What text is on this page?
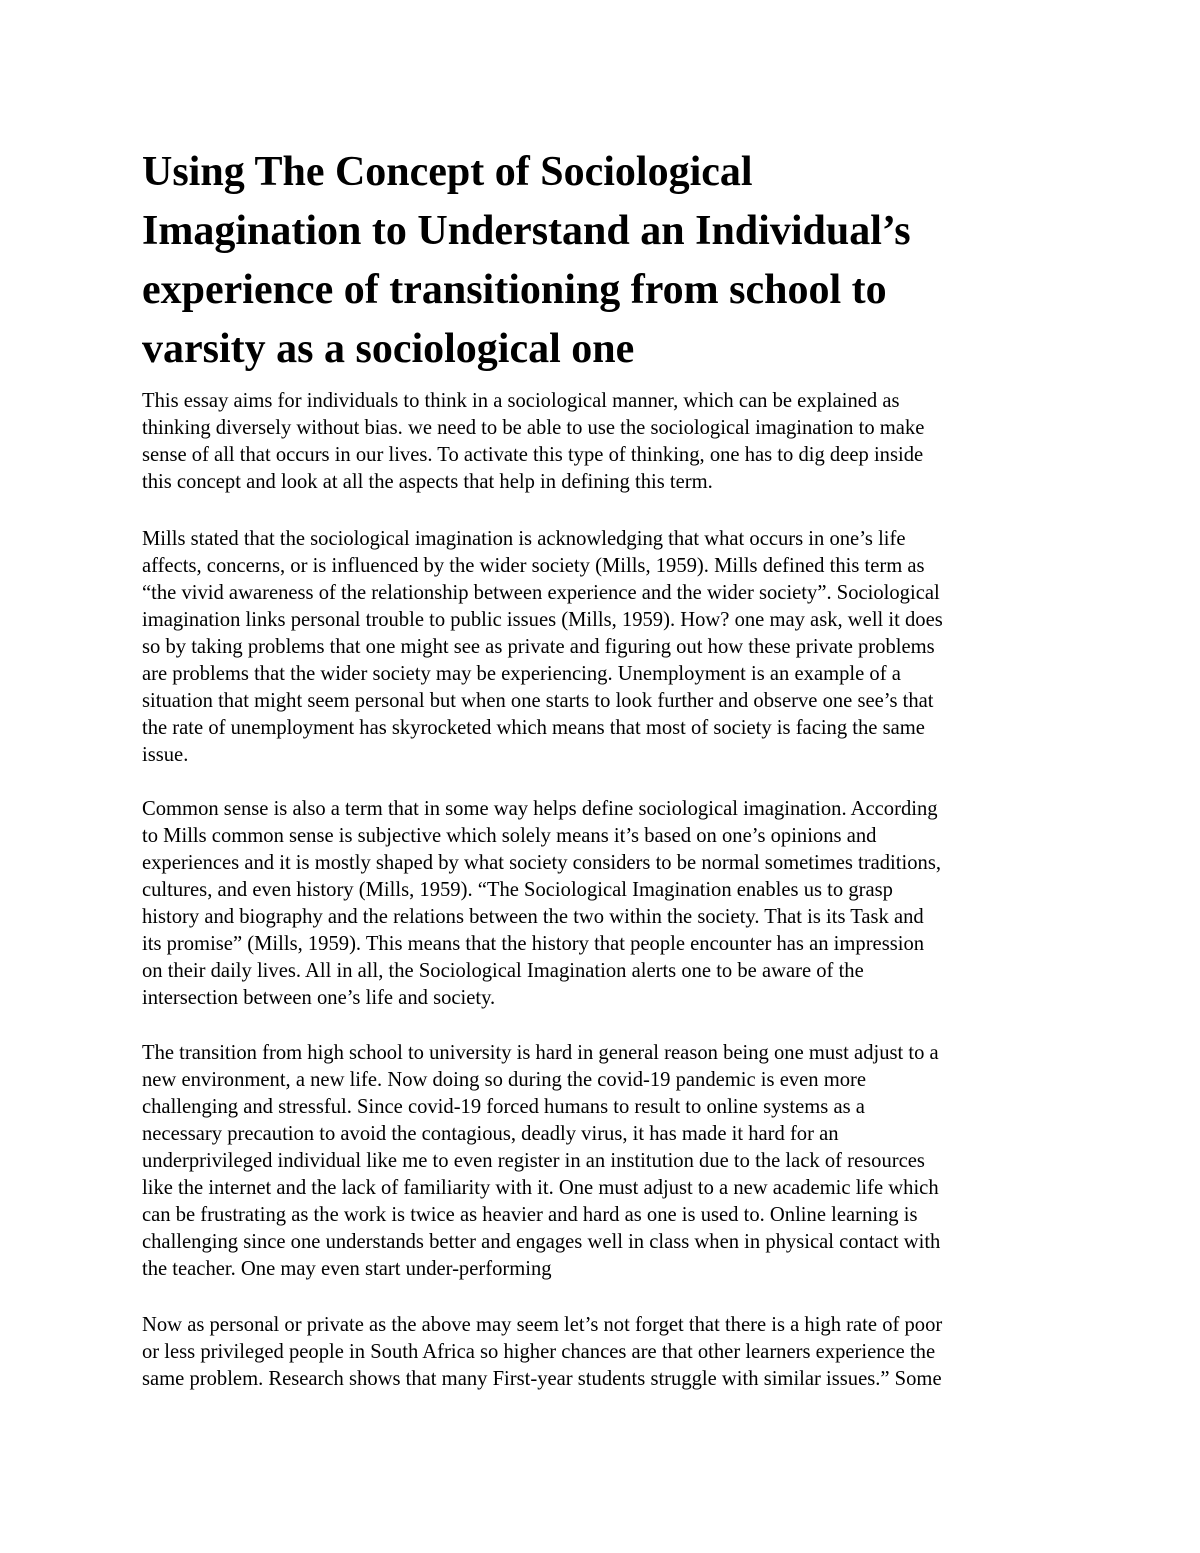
Using The Concept of Sociological
Imagination to Understand an Individual’s
experience of transitioning from school to
varsity as a sociological one

This essay aims for individuals to think in a sociological manner, which can be explained as
thinking diversely without bias. we need to be able to use the sociological imagination to make
sense of all that occurs in our lives. To activate this type of thinking, one has to dig deep inside
this concept and look at all the aspects that help in defining this term.

Mills stated that the sociological imagination is acknowledging that what occurs in one’s life
affects, concerns, or is influenced by the wider society (Mills, 1959). Mills defined this term as
“the vivid awareness of the relationship between experience and the wider society”. Sociological
imagination links personal trouble to public issues (Mills, 1959). How? one may ask, well it does
so by taking problems that one might see as private and figuring out how these private problems
are problems that the wider society may be experiencing. Unemployment is an example of a
situation that might seem personal but when one starts to look further and observe one see’s that
the rate of unemployment has skyrocketed which means that most of society is facing the same
issue.

Common sense is also a term that in some way helps define sociological imagination. According
to Mills common sense is subjective which solely means it’s based on one’s opinions and
experiences and it is mostly shaped by what society considers to be normal sometimes traditions,
cultures, and even history (Mills, 1959). “The Sociological Imagination enables us to grasp
history and biography and the relations between the two within the society. That is its Task and
its promise” (Mills, 1959). This means that the history that people encounter has an impression
on their daily lives. All in all, the Sociological Imagination alerts one to be aware of the
intersection between one’s life and society.

The transition from high school to university is hard in general reason being one must adjust to a
new environment, a new life. Now doing so during the covid-19 pandemic is even more
challenging and stressful. Since covid-19 forced humans to result to online systems as a
necessary precaution to avoid the contagious, deadly virus, it has made it hard for an
underprivileged individual like me to even register in an institution due to the lack of resources
like the internet and the lack of familiarity with it. One must adjust to a new academic life which
can be frustrating as the work is twice as heavier and hard as one is used to. Online learning is
challenging since one understands better and engages well in class when in physical contact with
the teacher. One may even start under-performing

Now as personal or private as the above may seem let’s not forget that there is a high rate of poor
or less privileged people in South Africa so higher chances are that other learners experience the
same problem. Research shows that many First-year students struggle with similar issues.” Some
